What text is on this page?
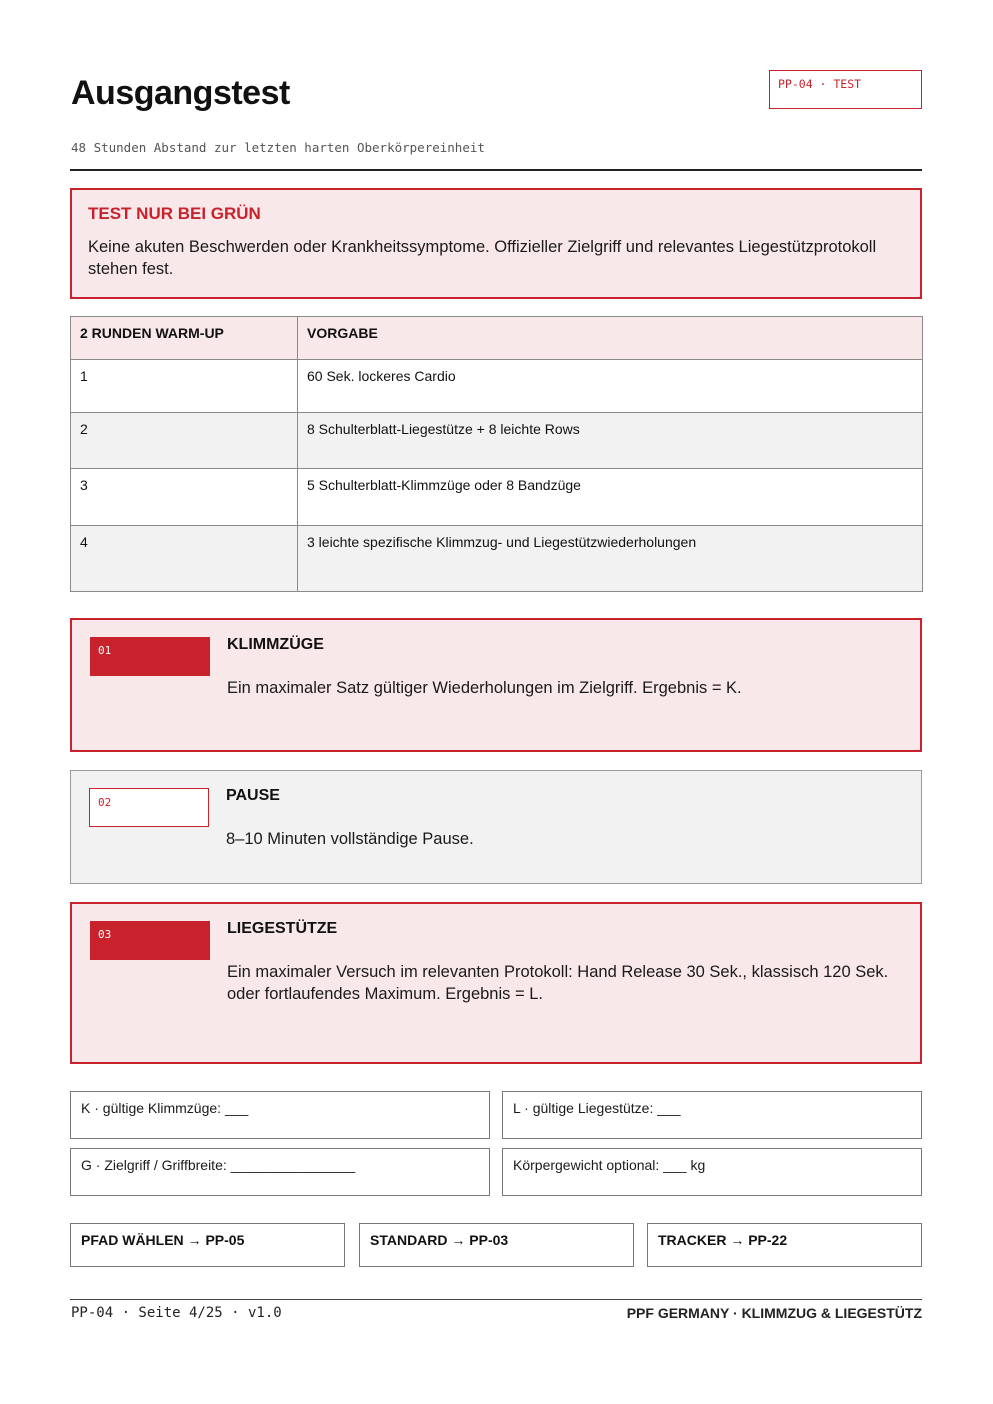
Ausgangstest	PP-04 · TEST
48 Stunden Abstand zur letzten harten Oberkörpereinheit
TEST NUR BEI GRÜN
Keine akuten Beschwerden oder Krankheitssymptome. Offizieller Zielgriff und relevantes Liegestützprotokoll stehen fest.
2 RUNDEN WARM-UP	VORGABE
1	60 Sek. lockeres Cardio
2	8 Schulterblatt-Liegestütze + 8 leichte Rows
3	5 Schulterblatt-Klimmzüge oder 8 Bandzüge
4	3 leichte spezifische Klimmzug- und Liegestützwiederholungen
01	KLIMMZÜGE
Ein maximaler Satz gültiger Wiederholungen im Zielgriff. Ergebnis = K.
02	PAUSE
8–10 Minuten vollständige Pause.
03	LIEGESTÜTZE
Ein maximaler Versuch im relevanten Protokoll: Hand Release 30 Sek., klassisch 120 Sek. oder fortlaufendes Maximum. Ergebnis = L.
K · gültige Klimmzüge: ___	L · gültige Liegestütze: ___
G · Zielgriff / Griffbreite: ________________	Körpergewicht optional: ___ kg
PFAD WÄHLEN → PP-05	STANDARD → PP-03	TRACKER → PP-22
PP-04 · Seite 4/25 · v1.0	PPF GERMANY · KLIMMZUG & LIEGESTÜTZ
